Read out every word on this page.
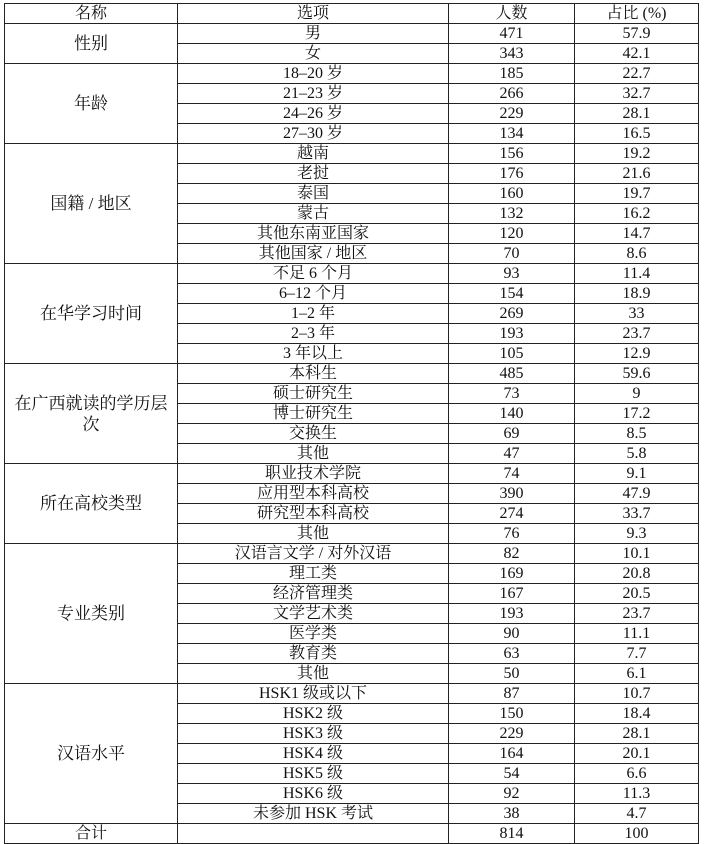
名称	选项	人数	占比 (%)
性别	男	471	57.9
	女	343	42.1
年龄	18–20 岁	185	22.7
	21–23 岁	266	32.7
	24–26 岁	229	28.1
	27–30 岁	134	16.5
国籍 / 地区	越南	156	19.2
	老挝	176	21.6
	泰国	160	19.7
	蒙古	132	16.2
	其他东南亚国家	120	14.7
	其他国家 / 地区	70	8.6
在华学习时间	不足 6 个月	93	11.4
	6–12 个月	154	18.9
	1–2 年	269	33
	2–3 年	193	23.7
	3 年以上	105	12.9
在广西就读的学历层次	本科生	485	59.6
	硕士研究生	73	9
	博士研究生	140	17.2
	交换生	69	8.5
	其他	47	5.8
所在高校类型	职业技术学院	74	9.1
	应用型本科高校	390	47.9
	研究型本科高校	274	33.7
	其他	76	9.3
专业类别	汉语言文学 / 对外汉语	82	10.1
	理工类	169	20.8
	经济管理类	167	20.5
	文学艺术类	193	23.7
	医学类	90	11.1
	教育类	63	7.7
	其他	50	6.1
汉语水平	HSK1 级或以下	87	10.7
	HSK2 级	150	18.4
	HSK3 级	229	28.1
	HSK4 级	164	20.1
	HSK5 级	54	6.6
	HSK6 级	92	11.3
	未参加 HSK 考试	38	4.7
合计		814	100
